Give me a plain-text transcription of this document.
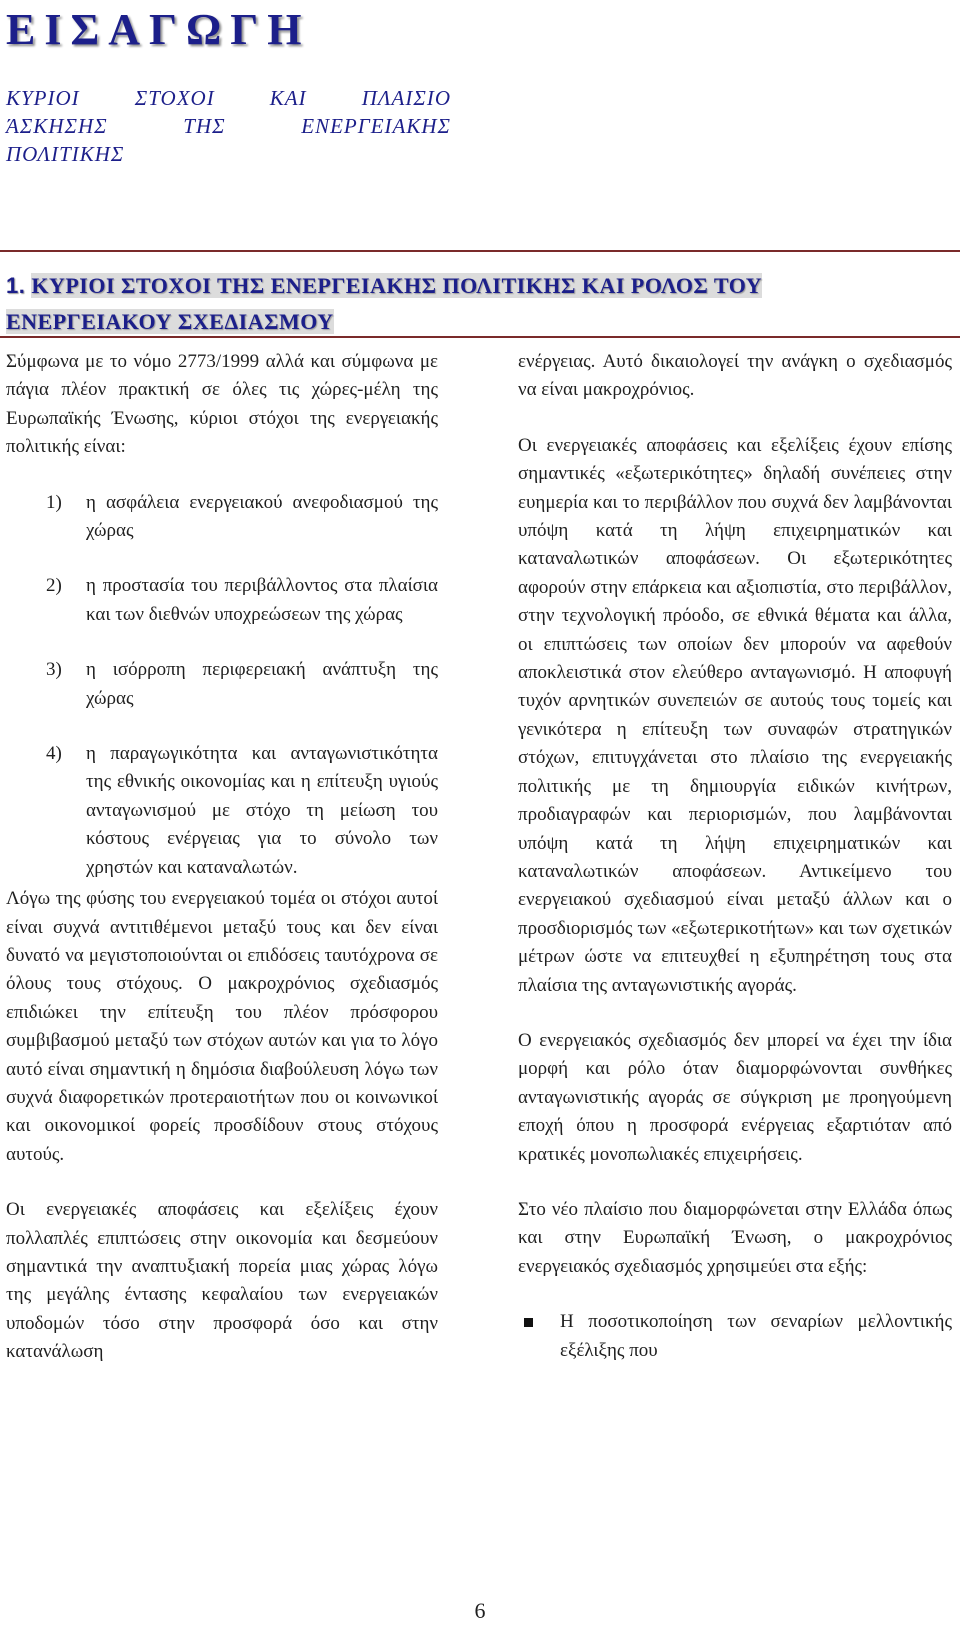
ΕΙΣΑΓΩΓΗ

ΚΥΡΙΟΙ ΣΤΟΧΟΙ ΚΑΙ ΠΛΑΙΣΙΟ

ΆΣΚΗΣΗΣ ΤΗΣ ΕΝΕΡΓΕΙΑΚΗΣ

ΠΟΛΙΤΙΚΗΣ

1. ΚΥΡΙΟΙ ΣΤΟΧΟΙ ΤΗΣ ΕΝΕΡΓΕΙΑΚΗΣ ΠΟΛΙΤΙΚΗΣ ΚΑΙ ΡΟΛΟΣ ΤΟΥ
ΕΝΕΡΓΕΙΑΚΟΥ ΣΧΕΔΙΑΣΜΟΥ

Σύμφωνα με το νόμο 2773/1999 αλλά και σύμφωνα με πάγια πλέον πρακτική σε όλες τις χώρες-μέλη της Ευρωπαϊκής Ένωσης, κύριοι στόχοι της ενεργειακής πολιτικής είναι:

1) η ασφάλεια ενεργειακού ανεφοδιασμού της χώρας
2) η προστασία του περιβάλλοντος στα πλαίσια και των διεθνών υποχρεώσεων της χώρας
3) η ισόρροπη περιφερειακή ανάπτυξη της χώρας
4) η παραγωγικότητα και ανταγωνιστικότητα της εθνικής οικονομίας και η επίτευξη υγιούς ανταγωνισμού με στόχο τη μείωση του κόστους ενέργειας για το σύνολο των χρηστών και καταναλωτών.

Λόγω της φύσης του ενεργειακού τομέα οι στόχοι αυτοί είναι συχνά αντιτιθέμενοι μεταξύ τους και δεν είναι δυνατό να μεγιστοποιούνται οι επιδόσεις ταυτόχρονα σε όλους τους στόχους. Ο μακροχρόνιος σχεδιασμός επιδιώκει την επίτευξη του πλέον πρόσφορου συμβιβασμού μεταξύ των στόχων αυτών και για το λόγο αυτό είναι σημαντική η δημόσια διαβούλευση λόγω των συχνά διαφορετικών προτεραιοτήτων που οι κοινωνικοί και οικονομικοί φορείς προσδίδουν στους στόχους αυτούς.

Οι ενεργειακές αποφάσεις και εξελίξεις έχουν πολλαπλές επιπτώσεις στην οικονομία και δεσμεύουν σημαντικά την αναπτυξιακή πορεία μιας χώρας λόγω της μεγάλης έντασης κεφαλαίου των ενεργειακών υποδομών τόσο στην προσφορά όσο και στην κατανάλωση

ενέργειας. Αυτό δικαιολογεί την ανάγκη ο σχεδιασμός να είναι μακροχρόνιος.

Οι ενεργειακές αποφάσεις και εξελίξεις έχουν επίσης σημαντικές «εξωτερικότητες» δηλαδή συνέπειες στην ευημερία και το περιβάλλον που συχνά δεν λαμβάνονται υπόψη κατά τη λήψη επιχειρηματικών και καταναλωτικών αποφάσεων. Οι εξωτερικότητες αφορούν στην επάρκεια και αξιοπιστία, στο περιβάλλον, στην τεχνολογική πρόοδο, σε εθνικά θέματα και άλλα, οι επιπτώσεις των οποίων δεν μπορούν να αφεθούν αποκλειστικά στον ελεύθερο ανταγωνισμό. Η αποφυγή τυχόν αρνητικών συνεπειών σε αυτούς τους τομείς και γενικότερα η επίτευξη των συναφών στρατηγικών στόχων, επιτυγχάνεται στο πλαίσιο της ενεργειακής πολιτικής με τη δημιουργία ειδικών κινήτρων, προδιαγραφών και περιορισμών, που λαμβάνονται υπόψη κατά τη λήψη επιχειρηματικών και καταναλωτικών αποφάσεων. Αντικείμενο του ενεργειακού σχεδιασμού είναι μεταξύ άλλων και ο προσδιορισμός των «εξωτερικοτήτων» και των σχετικών μέτρων ώστε να επιτευχθεί η εξυπηρέτηση τους στα πλαίσια της ανταγωνιστικής αγοράς.

Ο ενεργειακός σχεδιασμός δεν μπορεί να έχει την ίδια μορφή και ρόλο όταν διαμορφώνονται συνθήκες ανταγωνιστικής αγοράς σε σύγκριση με προηγούμενη εποχή όπου η προσφορά ενέργειας εξαρτιόταν από κρατικές μονοπωλιακές επιχειρήσεις.

Στο νέο πλαίσιο που διαμορφώνεται στην Ελλάδα όπως και στην Ευρωπαϊκή Ένωση, ο μακροχρόνιος ενεργειακός σχεδιασμός χρησιμεύει στα εξής:

Η ποσοτικοποίηση των σεναρίων μελλοντικής εξέλιξης που
6
